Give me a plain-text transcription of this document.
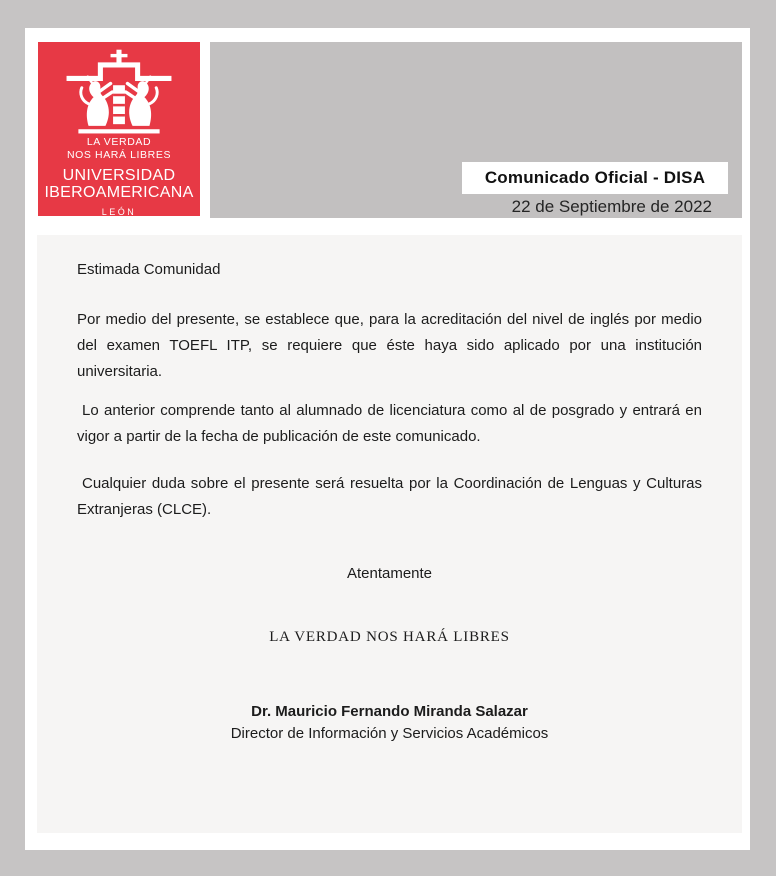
LA VERDAD
NOS HARÁ LIBRES
UNIVERSIDAD
IBEROAMERICANA
LEÓN
Comunicado Oficial - DISA
22 de Septiembre de 2022
Estimada Comunidad
Por medio del presente, se establece que, para la acreditación del nivel de inglés por medio del examen TOEFL ITP, se requiere que éste haya sido aplicado por una institución universitaria.
Lo anterior comprende tanto al alumnado de licenciatura como al de posgrado y entrará en vigor a partir de la fecha de publicación de este comunicado.
Cualquier duda sobre el presente será resuelta por la Coordinación de Lenguas y Culturas Extranjeras (CLCE).
Atentamente
LA VERDAD NOS HARÁ LIBRES
Dr. Mauricio Fernando Miranda Salazar
Director de Información y Servicios Académicos
